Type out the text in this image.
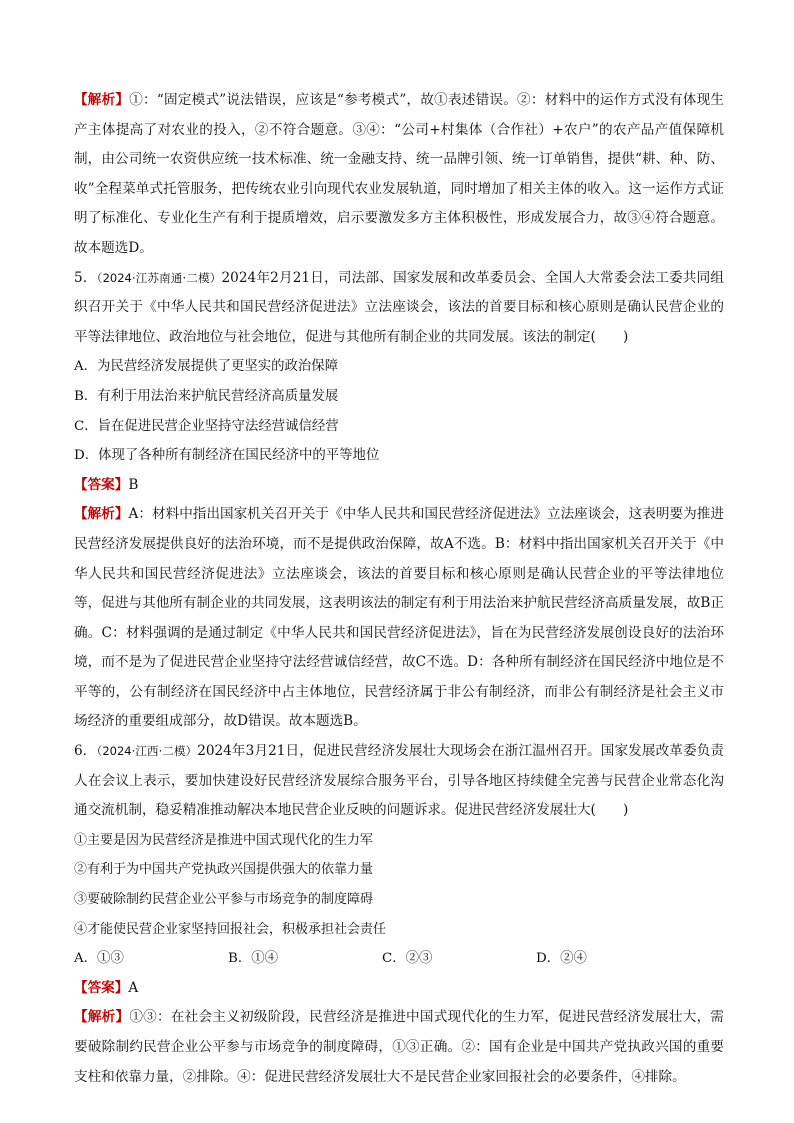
【解析】①：“固定模式”说法错误，应该是“参考模式”，故①表述错误。②：材料中的运作方式没有体现生产主体提高了对农业的投入，②不符合题意。③④：“公司+村集体（合作社）+农户”的农产品产值保障机制，由公司统一农资供应统一技术标准、统一金融支持、统一品牌引领、统一订单销售，提供“耕、种、防、收”全程菜单式托管服务，把传统农业引向现代农业发展轨道，同时增加了相关主体的收入。这一运作方式证明了标准化、专业化生产有利于提质增效，启示要激发多方主体积极性，形成发展合力，故③④符合题意。故本题选D。

5．（2024·江苏南通·二模）2024年2月21日，司法部、国家发展和改革委员会、全国人大常委会法工委共同组织召开关于《中华人民共和国民营经济促进法》立法座谈会，该法的首要目标和核心原则是确认民营企业的平等法律地位、政治地位与社会地位，促进与其他所有制企业的共同发展。该法的制定(　　)

A．为民营经济发展提供了更坚实的政治保障

B．有利于用法治来护航民营经济高质量发展

C．旨在促进民营企业坚持守法经营诚信经营

D．体现了各种所有制经济在国民经济中的平等地位

【答案】B

【解析】A：材料中指出国家机关召开关于《中华人民共和国民营经济促进法》立法座谈会，这表明要为推进民营经济发展提供良好的法治环境，而不是提供政治保障，故A不选。B：材料中指出国家机关召开关于《中华人民共和国民营经济促进法》立法座谈会，该法的首要目标和核心原则是确认民营企业的平等法律地位等，促进与其他所有制企业的共同发展，这表明该法的制定有利于用法治来护航民营经济高质量发展，故B正确。C：材料强调的是通过制定《中华人民共和国民营经济促进法》，旨在为民营经济发展创设良好的法治环境，而不是为了促进民营企业坚持守法经营诚信经营，故C不选。D：各种所有制经济在国民经济中地位是不平等的，公有制经济在国民经济中占主体地位，民营经济属于非公有制经济，而非公有制经济是社会主义市场经济的重要组成部分，故D错误。故本题选B。

6．（2024·江西·二模）2024年3月21日，促进民营经济发展壮大现场会在浙江温州召开。国家发展改革委负责人在会议上表示，要加快建设好民营经济发展综合服务平台，引导各地区持续健全完善与民营企业常态化沟通交流机制，稳妥精准推动解决本地民营企业反映的问题诉求。促进民营经济发展壮大(　　)

①主要是因为民营经济是推进中国式现代化的生力军

②有利于为中国共产党执政兴国提供强大的依靠力量

③要破除制约民营企业公平参与市场竞争的制度障碍

④才能使民营企业家坚持回报社会，积极承担社会责任

A．①③	B．①④	C．②③	D．②④

【答案】A

【解析】①③：在社会主义初级阶段，民营经济是推进中国式现代化的生力军，促进民营经济发展壮大，需要破除制约民营企业公平参与市场竞争的制度障碍，①③正确。②：国有企业是中国共产党执政兴国的重要支柱和依靠力量，②排除。④：促进民营经济发展壮大不是民营企业家回报社会的必要条件，④排除。
